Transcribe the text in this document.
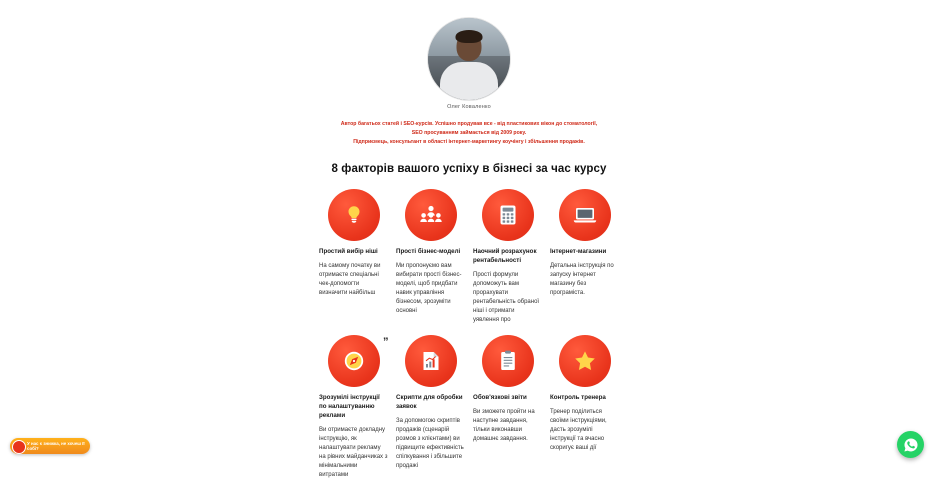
Олег Коваленко

Автор багатьох статей і SEO-курсів. Успішно продував все - від пластикових вікон до стоматології,

SEO просуванням займається від 2009 року.

Підприємець, консультант в області інтернет-маркетингу коучінгу і збільшення продажів.

8 факторів вашого успіху в бізнесі за час курсу
Простий вибір ніші

На самому початку ви отримаєте спеціальні чек-допомогти визначити найбільш

Прості бізнес-моделі

Ми пропонуємо вам вибирати прості бізнес-моделі, щоб придбати навик управління бізнесом, зрозуміти основні

Наочний розрахунок рентабельності

Прості формули допоможуть вам прорахувати рентабельність обраної ніші і отримати уявлення про

Інтернет-магазини

Детальна інструкція по запуску інтернет магазину без програміста.

”
Зрозумілі інструкції по налаштуванню реклами

Ви отримаєте докладну інструкцію, як налаштувати рекламу на рівних майданчиках з мінімальними витратами

Скрипти для обробки заявок

За допомогою скриптів продажів (сценарій розмов з клієнтами) ви підвищите ефективність спілкування і збільшите продажі

Обов'язкові звіти

Ви зможете пройти на наступне завдання, тільки виконавши домашнє завдання.

Контроль тренера

Тренер поділиться своїми інструкціями, дасть зрозумілі інструкції та вчасно скоригує ваші дії

У нас є знижка, не хочеш її собі?
